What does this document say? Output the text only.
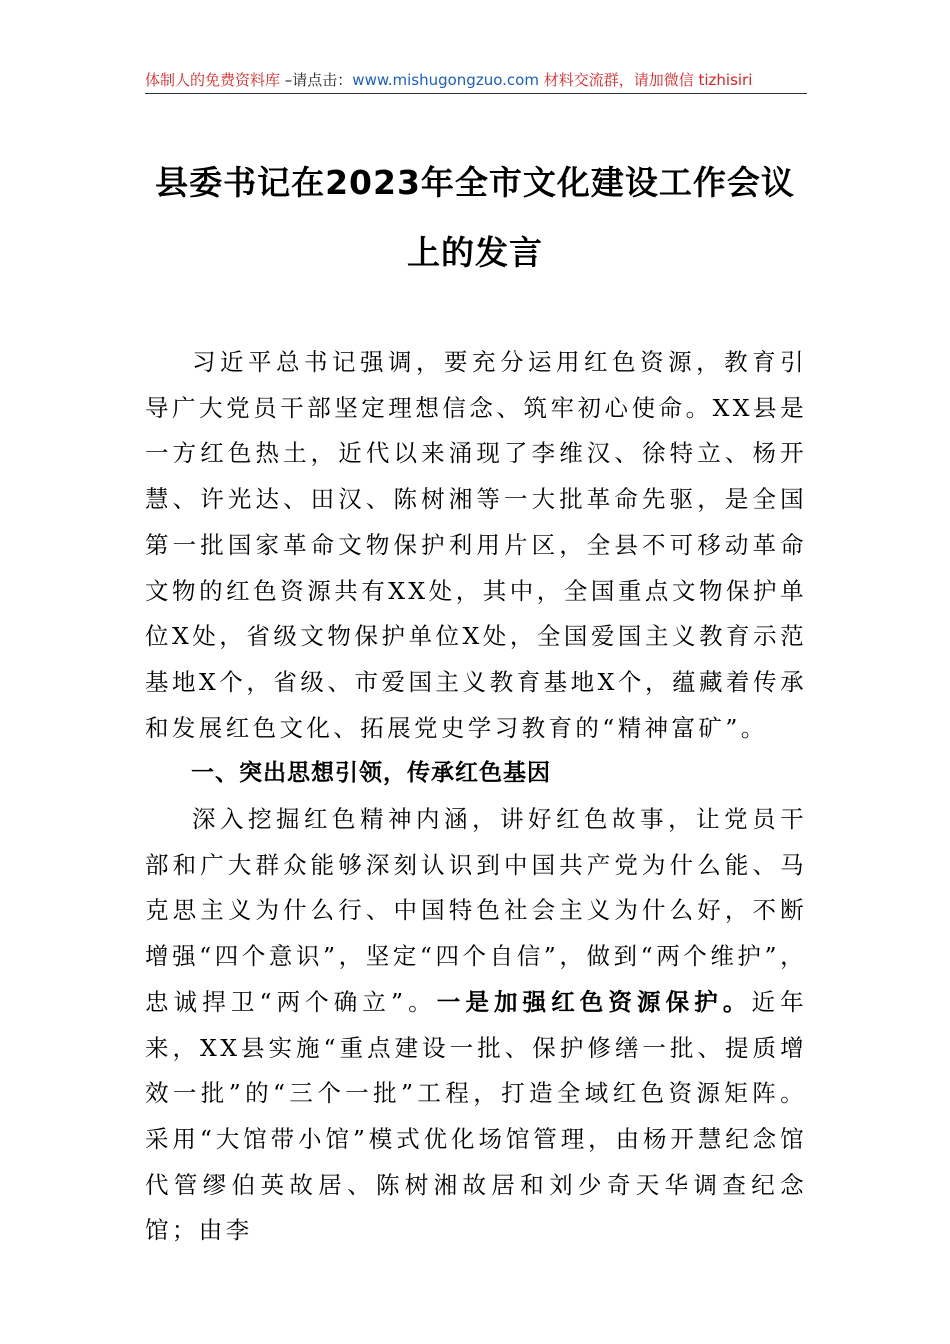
体制人的免费资料库 –请点击：www.mishugongzuo.com 材料交流群，请加微信 tizhisiri
县委书记在2023年全市文化建设工作会议
上的发言

习近平总书记强调，要充分运用红色资源，教育引导广大党员干部坚定理想信念、筑牢初心使命。XX县是一方红色热土，近代以来涌现了李维汉、徐特立、杨开慧、许光达、田汉、陈树湘等一大批革命先驱，是全国第一批国家革命文物保护利用片区，全县不可移动革命文物的红色资源共有XX处，其中，全国重点文物保护单位X处，省级文物保护单位X处，全国爱国主义教育示范基地X个，省级、市爱国主义教育基地X个，蕴藏着传承和发展红色文化、拓展党史学习教育的“精神富矿”。

一、突出思想引领，传承红色基因

深入挖掘红色精神内涵，讲好红色故事，让党员干部和广大群众能够深刻认识到中国共产党为什么能、马克思主义为什么行、中国特色社会主义为什么好，不断增强“四个意识”，坚定“四个自信”，做到“两个维护”，忠诚捍卫“两个确立”。一是加强红色资源保护。近年来，XX县实施“重点建设一批、保护修缮一批、提质增效一批”的“三个一批”工程，打造全域红色资源矩阵。采用“大馆带小馆”模式优化场馆管理，由杨开慧纪念馆代管缪伯英故居、陈树湘故居和刘少奇天华调查纪念馆；由李
